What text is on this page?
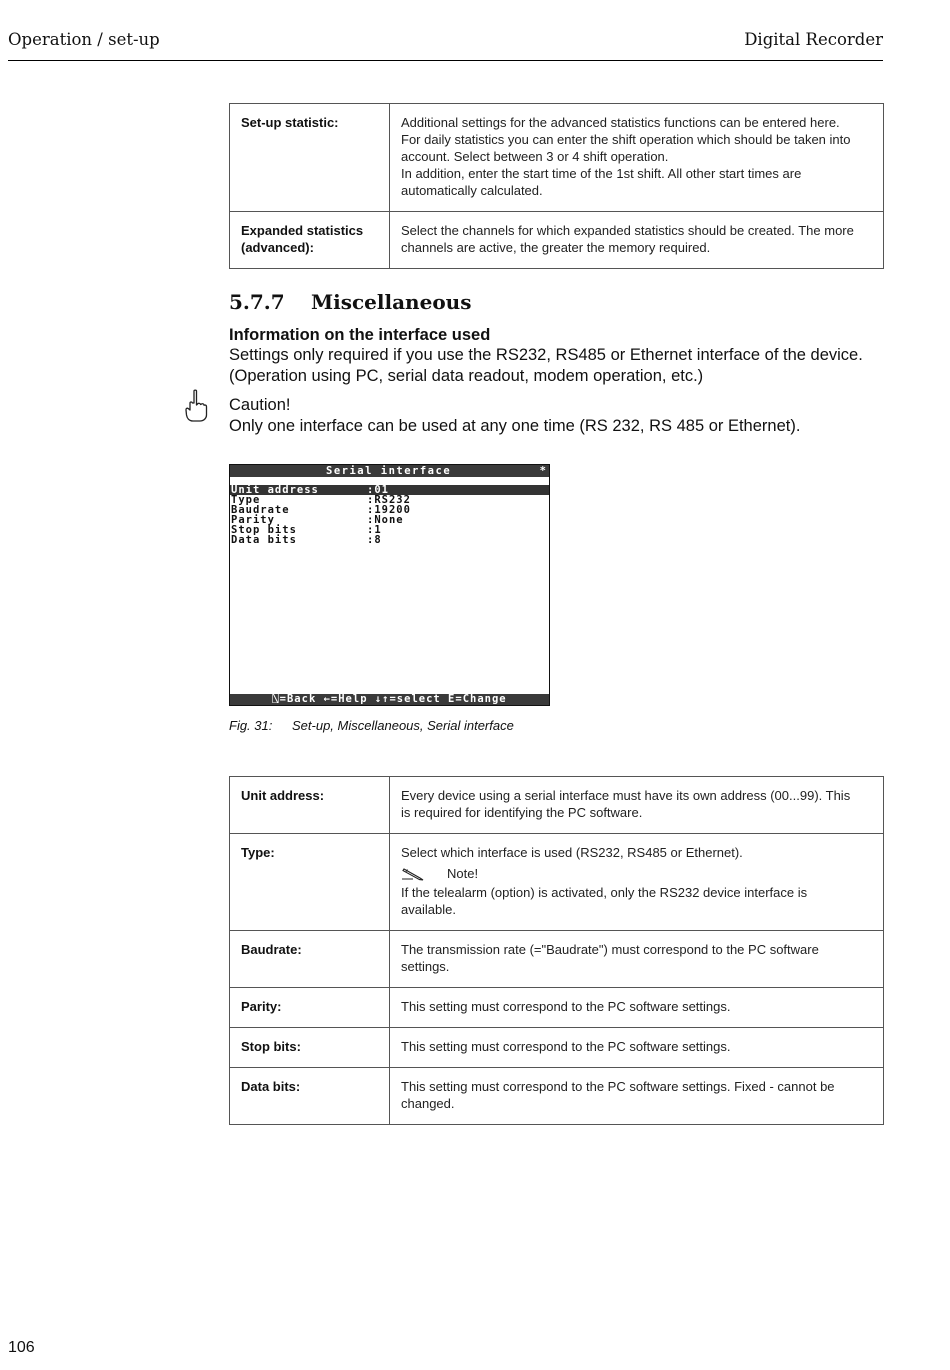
Operation / set-up	Digital Recorder
Set-up statistic:	Additional settings for the advanced statistics functions can be entered here.
For daily statistics you can enter the shift operation which should be taken into
account. Select between 3 or 4 shift operation.
In addition, enter the start time of the 1st shift. All other start times are
automatically calculated.

Expanded statistics (advanced):	Select the channels for which expanded statistics should be created. The more
channels are active, the greater the memory required.
5.7.7 Miscellaneous
Information on the interface used
Settings only required if you use the RS232, RS485 or Ethernet interface of the device.
(Operation using PC, serial data readout, modem operation, etc.)
Caution!
Only one interface can be used at any one time (RS 232, RS 485 or Ethernet).
Serial interface	*
Unit address	:01
Type	:RS232
Baudrate	:19200
Parity	:None
Stop bits	:1
Data bits	:8
⍂=Back ←=Help ↓↑=select E=Change
Fig. 31: Set-up, Miscellaneous, Serial interface
Unit address:	Every device using a serial interface must have its own address (00...99). This
is required for identifying the PC software.

Type:	Select which interface is used (RS232, RS485 or Ethernet).
Note!
If the telealarm (option) is activated, only the RS232 device interface is
available.

Baudrate:	The transmission rate (="Baudrate") must correspond to the PC software
settings.

Parity:	This setting must correspond to the PC software settings.

Stop bits:	This setting must correspond to the PC software settings.

Data bits:	This setting must correspond to the PC software settings. Fixed - cannot be
changed.
106
